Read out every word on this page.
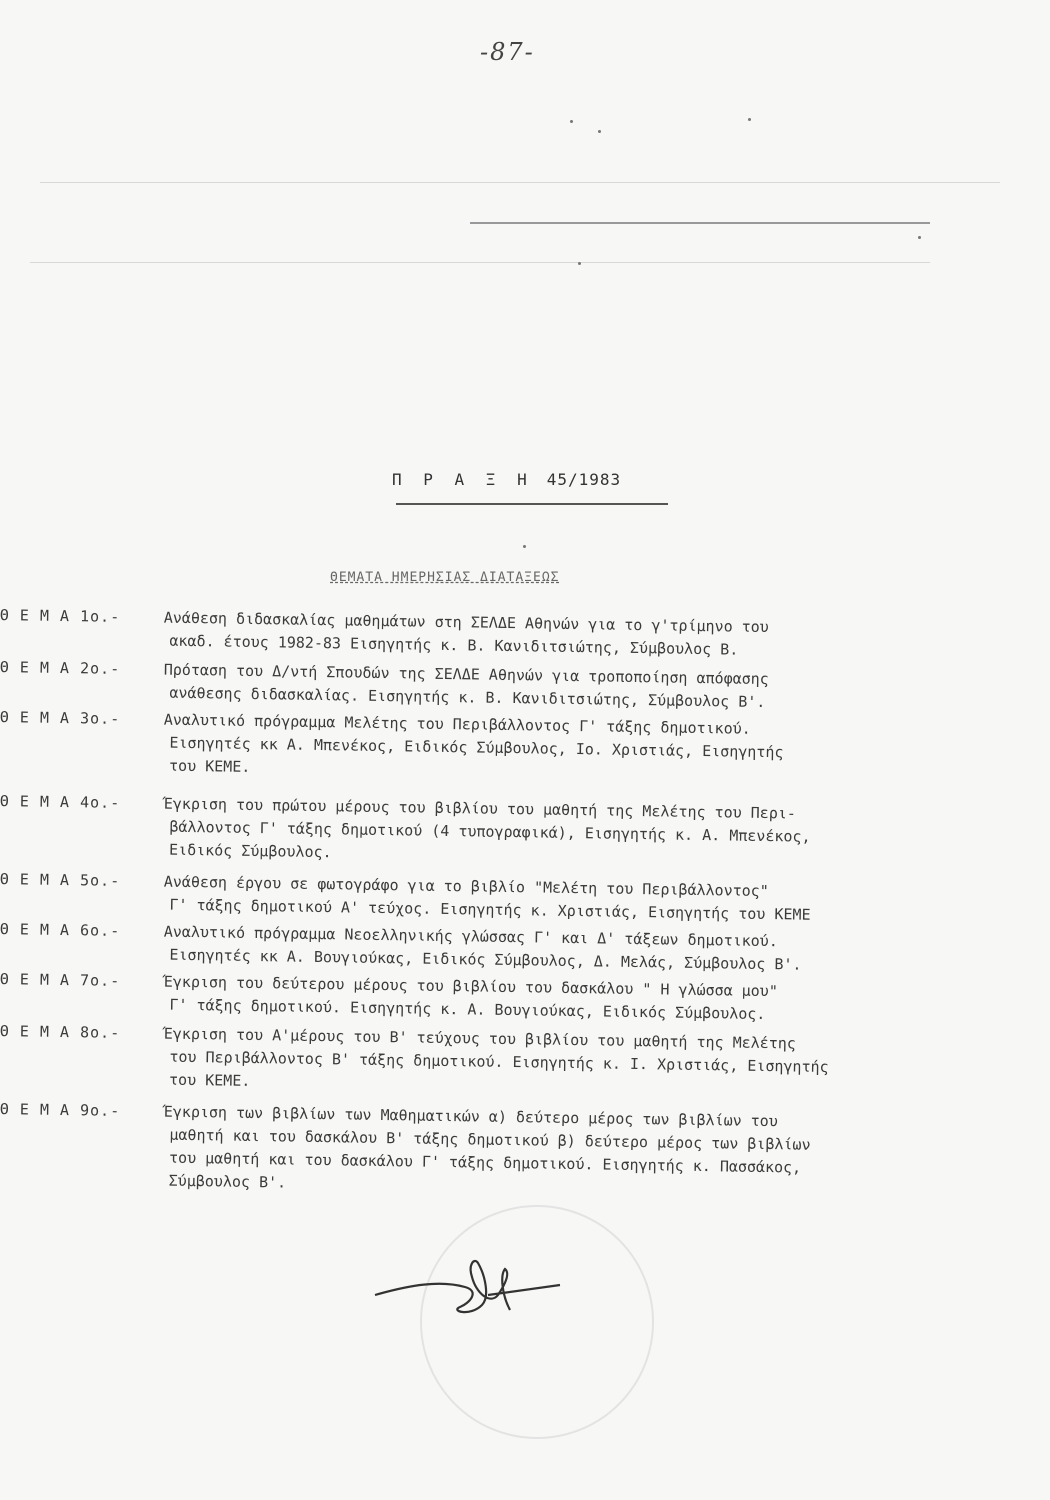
-87-
Π Ρ Α Ξ Η 45/1983
ΘΕΜΑΤΑ ΗΜΕΡΗΣΙΑΣ ΔΙΑΤΑΞΕΩΣ
Θ Ε Μ Α 1ο.-	Ανάθεση διδασκαλίας μαθημάτων στη ΣΕΛΔΕ Αθηνών για το γ'τρίμηνο του
ακαδ. έτους 1982-83 Εισηγητής κ. Β. Κανιδιτσιώτης, Σύμβουλος Β.
Θ Ε Μ Α 2ο.-	Πρόταση του Δ/ντή Σπουδών της ΣΕΛΔΕ Αθηνών για τροποποίηση απόφασης
ανάθεσης διδασκαλίας. Εισηγητής κ. Β. Κανιδιτσιώτης, Σύμβουλος Β'.
Θ Ε Μ Α 3ο.-	Αναλυτικό πρόγραμμα Μελέτης του Περιβάλλοντος Γ' τάξης δημοτικού.
Εισηγητές κκ Α. Μπενέκος, Ειδικός Σύμβουλος, Ιο. Χριστιάς, Εισηγητής
του ΚΕΜΕ.
Θ Ε Μ Α 4ο.-	Έγκριση του πρώτου μέρους του βιβλίου του μαθητή της Μελέτης του Περι-
βάλλοντος Γ' τάξης δημοτικού (4 τυπογραφικά), Εισηγητής κ. Α. Μπενέκος,
Ειδικός Σύμβουλος.
Θ Ε Μ Α 5ο.-	Ανάθεση έργου σε φωτογράφο για το βιβλίο "Μελέτη του Περιβάλλοντος"
Γ' τάξης δημοτικού Α' τεύχος. Εισηγητής κ. Χριστιάς, Εισηγητής του ΚΕΜΕ
Θ Ε Μ Α 6ο.-	Αναλυτικό πρόγραμμα Νεοελληνικής γλώσσας Γ' και Δ' τάξεων δημοτικού.
Εισηγητές κκ Α. Βουγιούκας, Ειδικός Σύμβουλος, Δ. Μελάς, Σύμβουλος Β'.
Θ Ε Μ Α 7ο.-	Έγκριση του δεύτερου μέρους του βιβλίου του δασκάλου " Η γλώσσα μου"
Γ' τάξης δημοτικού. Εισηγητής κ. Α. Βουγιούκας, Ειδικός Σύμβουλος.
Θ Ε Μ Α 8ο.-	Έγκριση του Α'μέρους του Β' τεύχους του βιβλίου του μαθητή της Μελέτης
του Περιβάλλοντος Β' τάξης δημοτικού. Εισηγητής κ. Ι. Χριστιάς, Εισηγητής
του ΚΕΜΕ.
Θ Ε Μ Α 9ο.-	Έγκριση των βιβλίων των Μαθηματικών α) δεύτερο μέρος των βιβλίων του
μαθητή και του δασκάλου Β' τάξης δημοτικού β) δεύτερο μέρος των βιβλίων
του μαθητή και του δασκάλου Γ' τάξης δημοτικού. Εισηγητής κ. Πασσάκος,
Σύμβουλος Β'.
